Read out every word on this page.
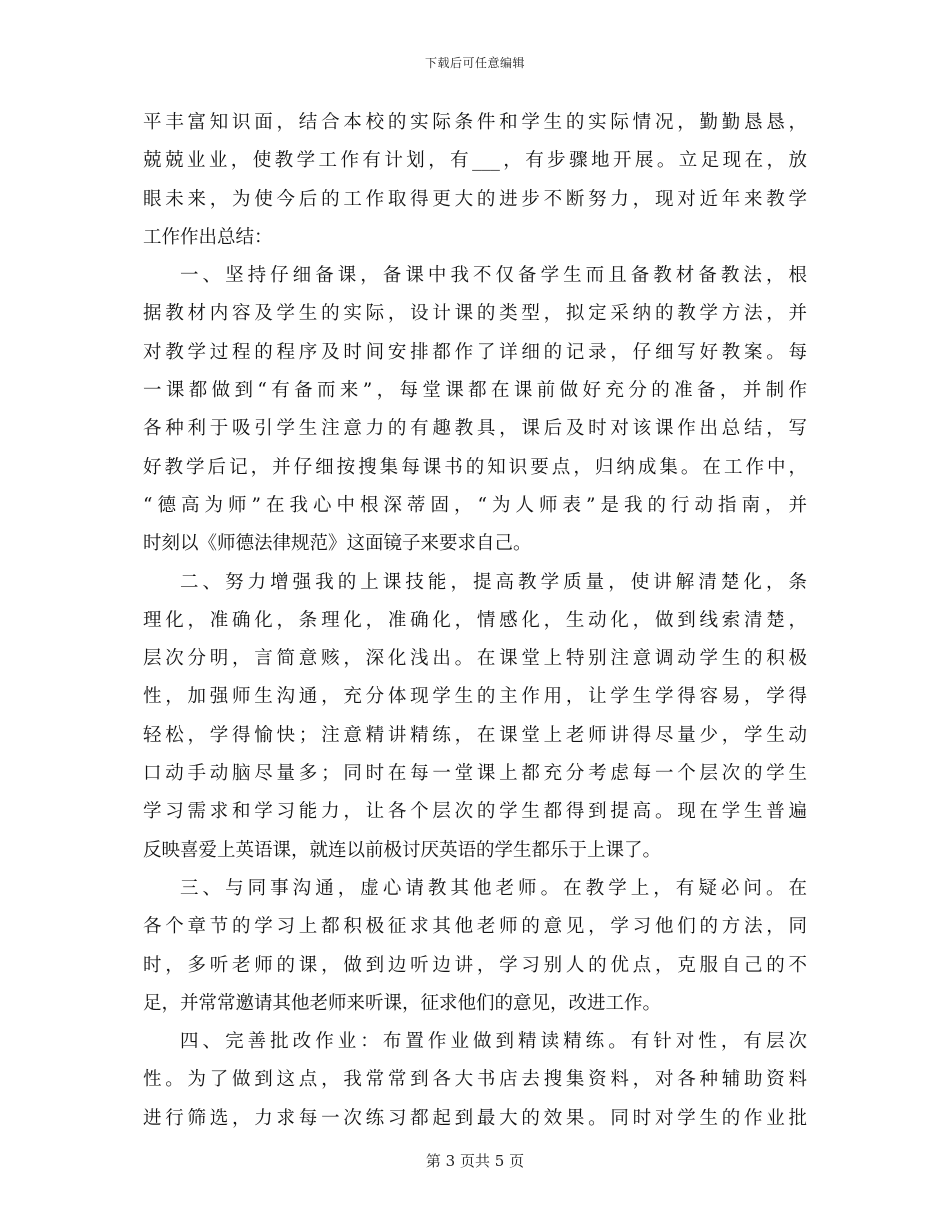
下载后可任意编辑
平丰富知识面，结合本校的实际条件和学生的实际情况，勤勤恳恳，
兢兢业业，使教学工作有计划，有___，有步骤地开展。立足现在，放
眼未来，为使今后的工作取得更大的进步不断努力，现对近年来教学
工作作出总结：
一、坚持仔细备课，备课中我不仅备学生而且备教材备教法，根
据教材内容及学生的实际，设计课的类型，拟定采纳的教学方法，并
对教学过程的程序及时间安排都作了详细的记录，仔细写好教案。每
一课都做到“有备而来”，每堂课都在课前做好充分的准备，并制作
各种利于吸引学生注意力的有趣教具，课后及时对该课作出总结，写
好教学后记，并仔细按搜集每课书的知识要点，归纳成集。在工作中，
“德高为师”在我心中根深蒂固，“为人师表”是我的行动指南，并
时刻以《师德法律规范》这面镜子来要求自己。
二、努力增强我的上课技能，提高教学质量，使讲解清楚化，条
理化，准确化，条理化，准确化，情感化，生动化，做到线索清楚，
层次分明，言简意赅，深化浅出。在课堂上特别注意调动学生的积极
性，加强师生沟通，充分体现学生的主作用，让学生学得容易，学得
轻松，学得愉快；注意精讲精练，在课堂上老师讲得尽量少，学生动
口动手动脑尽量多；同时在每一堂课上都充分考虑每一个层次的学生
学习需求和学习能力，让各个层次的学生都得到提高。现在学生普遍
反映喜爱上英语课，就连以前极讨厌英语的学生都乐于上课了。
三、与同事沟通，虚心请教其他老师。在教学上，有疑必问。在
各个章节的学习上都积极征求其他老师的意见，学习他们的方法，同
时，多听老师的课，做到边听边讲，学习别人的优点，克服自己的不
足，并常常邀请其他老师来听课，征求他们的意见，改进工作。
四、完善批改作业：布置作业做到精读精练。有针对性，有层次
性。为了做到这点，我常常到各大书店去搜集资料，对各种辅助资料
进行筛选，力求每一次练习都起到最大的效果。同时对学生的作业批
第 3 页共 5 页
